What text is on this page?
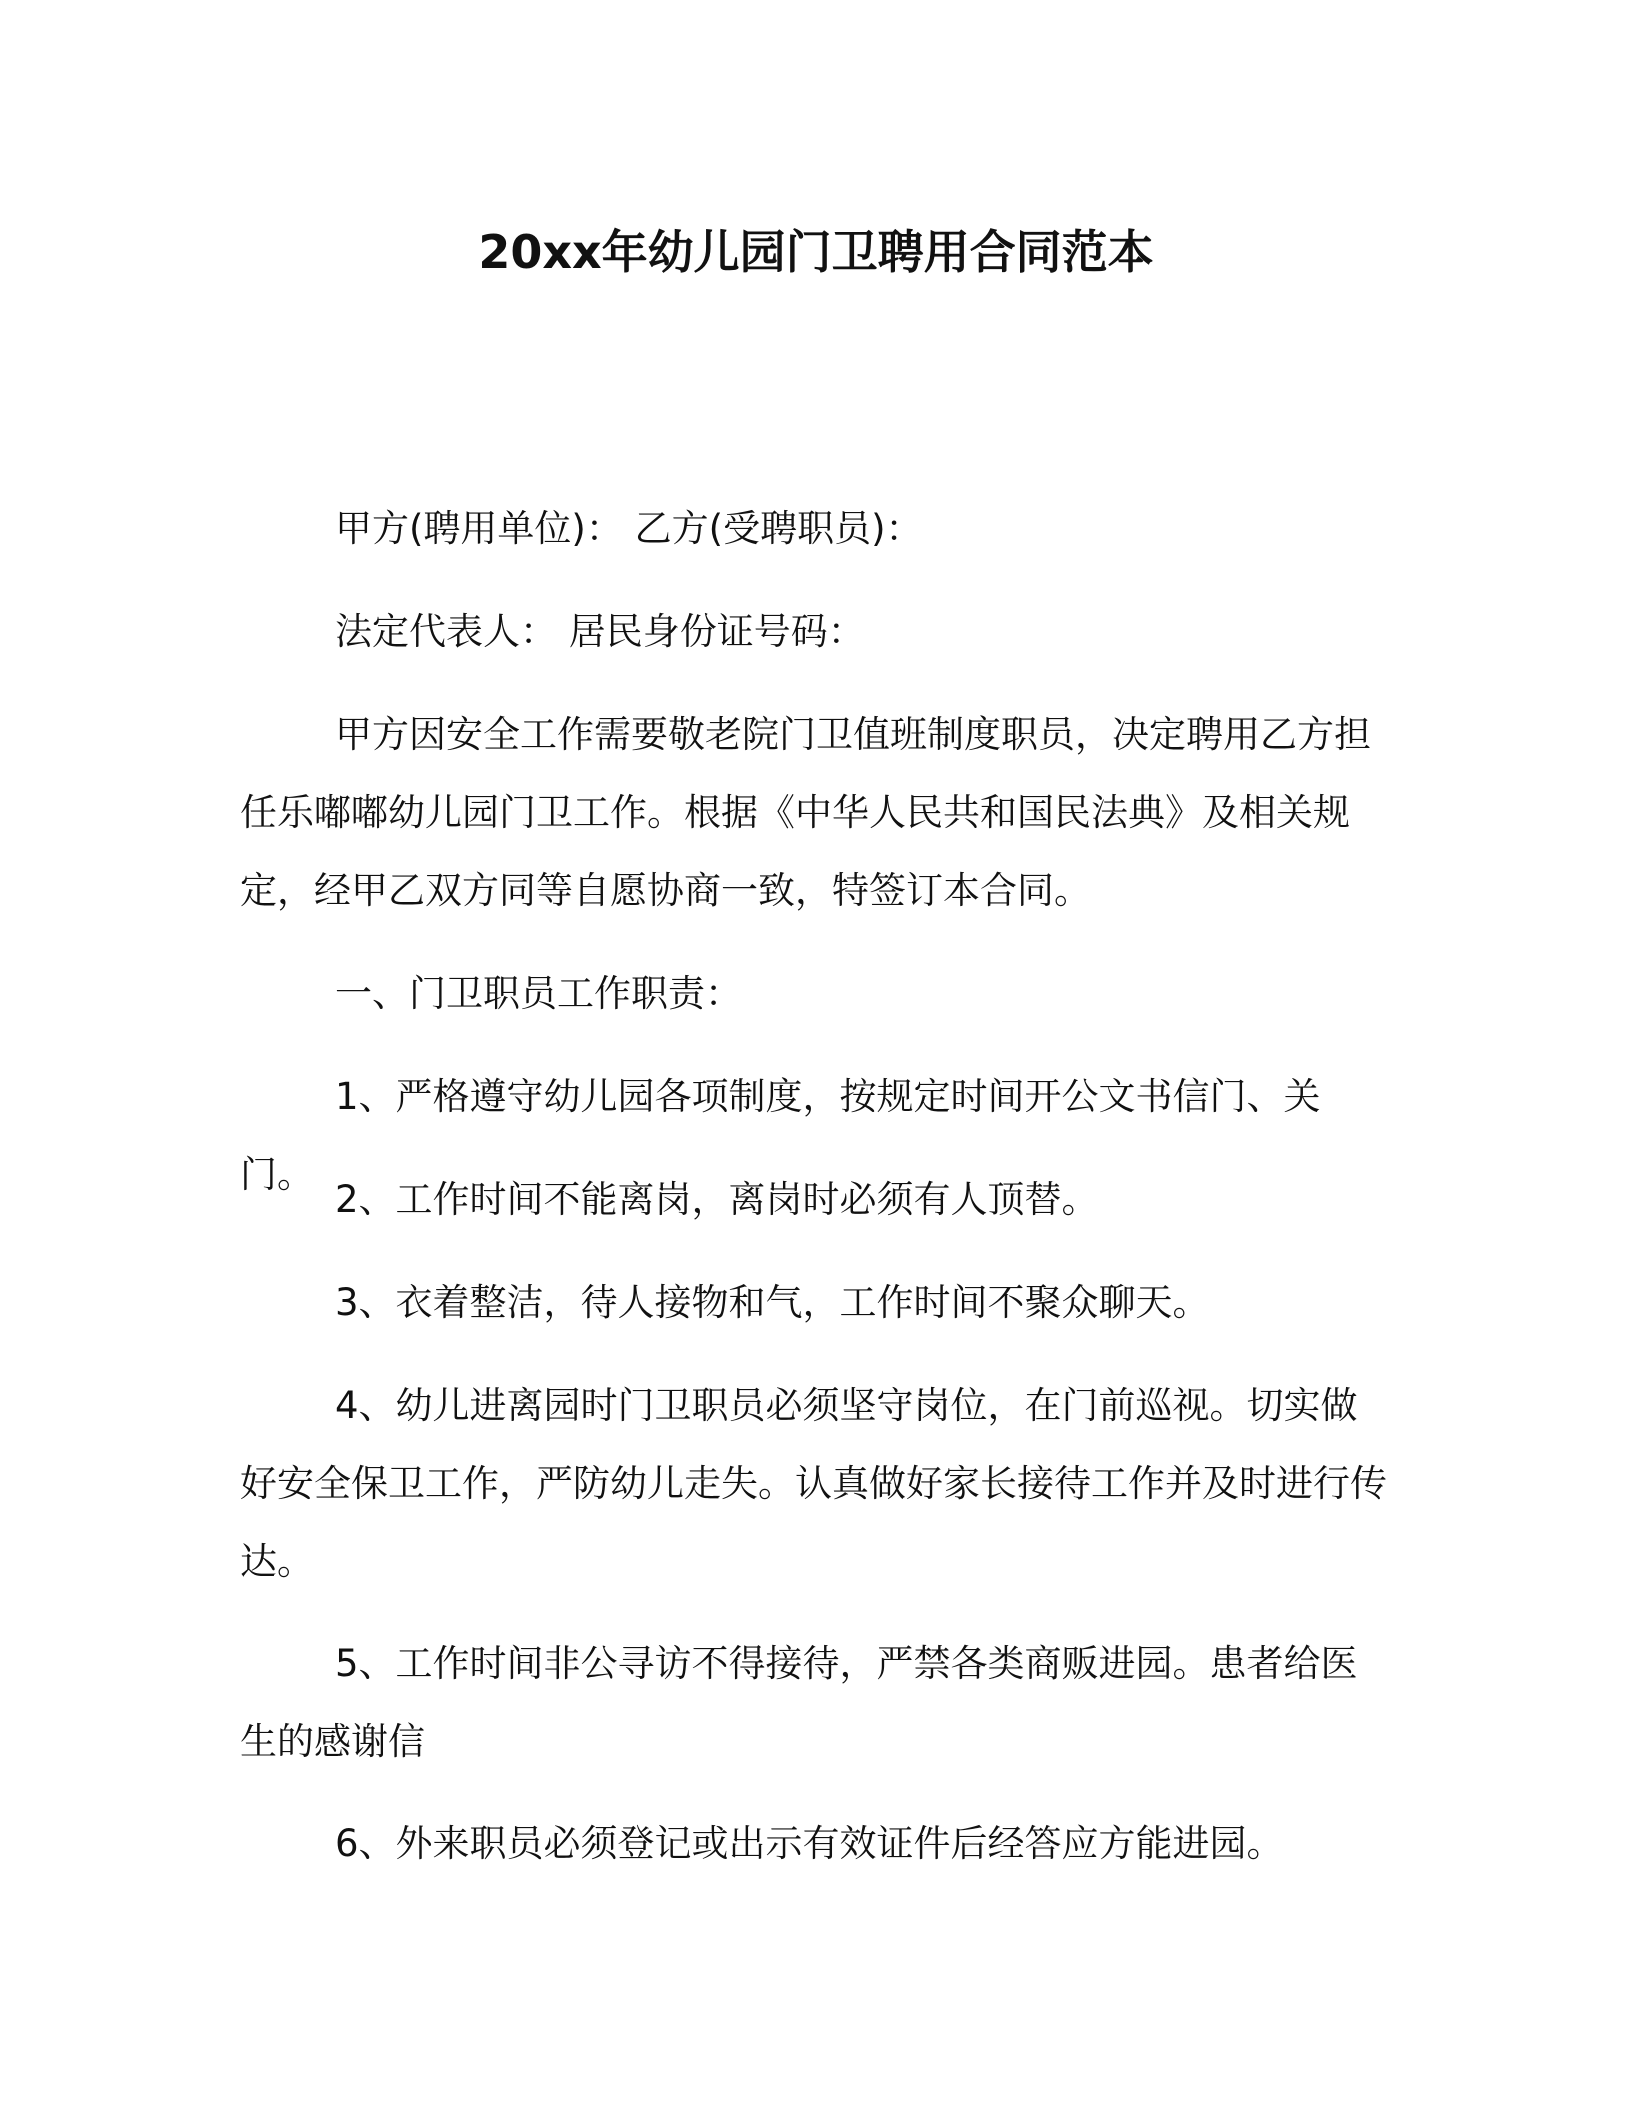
20xx年幼儿园门卫聘用合同范本

甲方(聘用单位)： 乙方(受聘职员)：

法定代表人： 居民身份证号码：

甲方因安全工作需要敬老院门卫值班制度职员，决定聘用乙方担任乐嘟嘟幼儿园门卫工作。根据《中华人民共和国民法典》及相关规定，经甲乙双方同等自愿协商一致，特签订本合同。

一、门卫职员工作职责：

1、严格遵守幼儿园各项制度，按规定时间开公文书信门、关门。

2、工作时间不能离岗，离岗时必须有人顶替。

3、衣着整洁，待人接物和气，工作时间不聚众聊天。

4、幼儿进离园时门卫职员必须坚守岗位，在门前巡视。切实做好安全保卫工作，严防幼儿走失。认真做好家长接待工作并及时进行传达。

5、工作时间非公寻访不得接待，严禁各类商贩进园。患者给医生的感谢信

6、外来职员必须登记或出示有效证件后经答应方能进园。
